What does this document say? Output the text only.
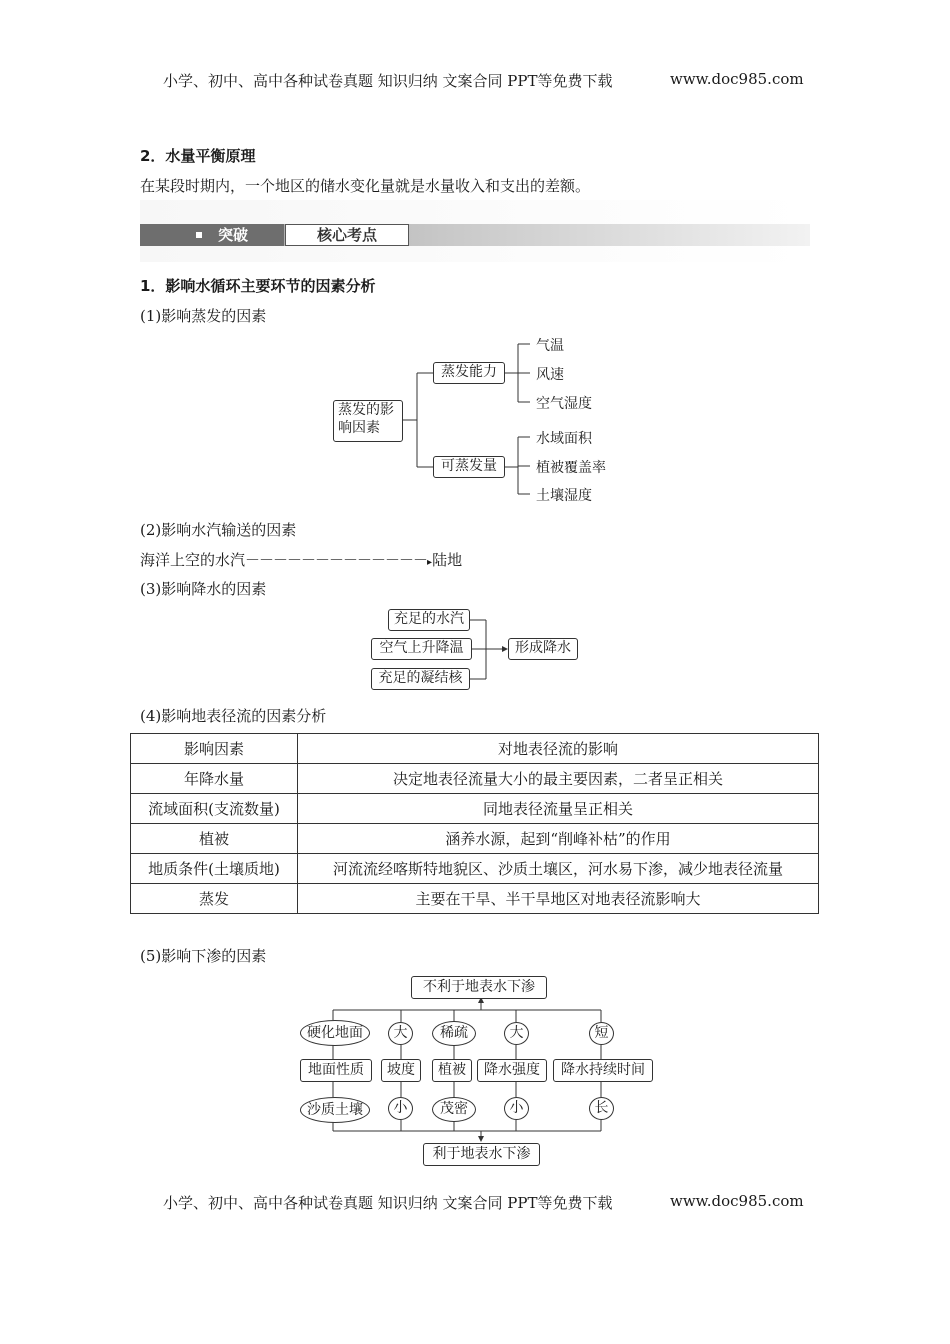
小学、初中、高中各种试卷真题 知识归纳 文案合同 PPT等免费下载	www.doc985.com
2．水量平衡原理
在某段时期内，一个地区的储水变化量就是水量收入和支出的差额。
突破	核心考点
1．影响水循环主要环节的因素分析
(1)影响蒸发的因素
蒸发的影
响因素
蒸发能力
可蒸发量
气温
风速
空气湿度
水域面积
植被覆盖率
土壤湿度
(2)影响水汽输送的因素
海洋上空的水汽－－－－－－－－－－－－－▸陆地
(3)影响降水的因素
充足的水汽
空气上升降温
充足的凝结核
形成降水
(4)影响地表径流的因素分析
影响因素	对地表径流的影响
年降水量	决定地表径流量大小的最主要因素，二者呈正相关
流域面积(支流数量)	同地表径流量呈正相关
植被	涵养水源，起到“削峰补枯”的作用
地质条件(土壤质地)	河流流经喀斯特地貌区、沙质土壤区，河水易下渗，减少地表径流量
蒸发	主要在干旱、半干旱地区对地表径流影响大
(5)影响下渗的因素
不利于地表水下渗
硬化地面	大	稀疏	大	短
地面性质	坡度	植被	降水强度	降水持续时间
沙质土壤	小	茂密	小	长
利于地表水下渗
小学、初中、高中各种试卷真题 知识归纳 文案合同 PPT等免费下载	www.doc985.com
